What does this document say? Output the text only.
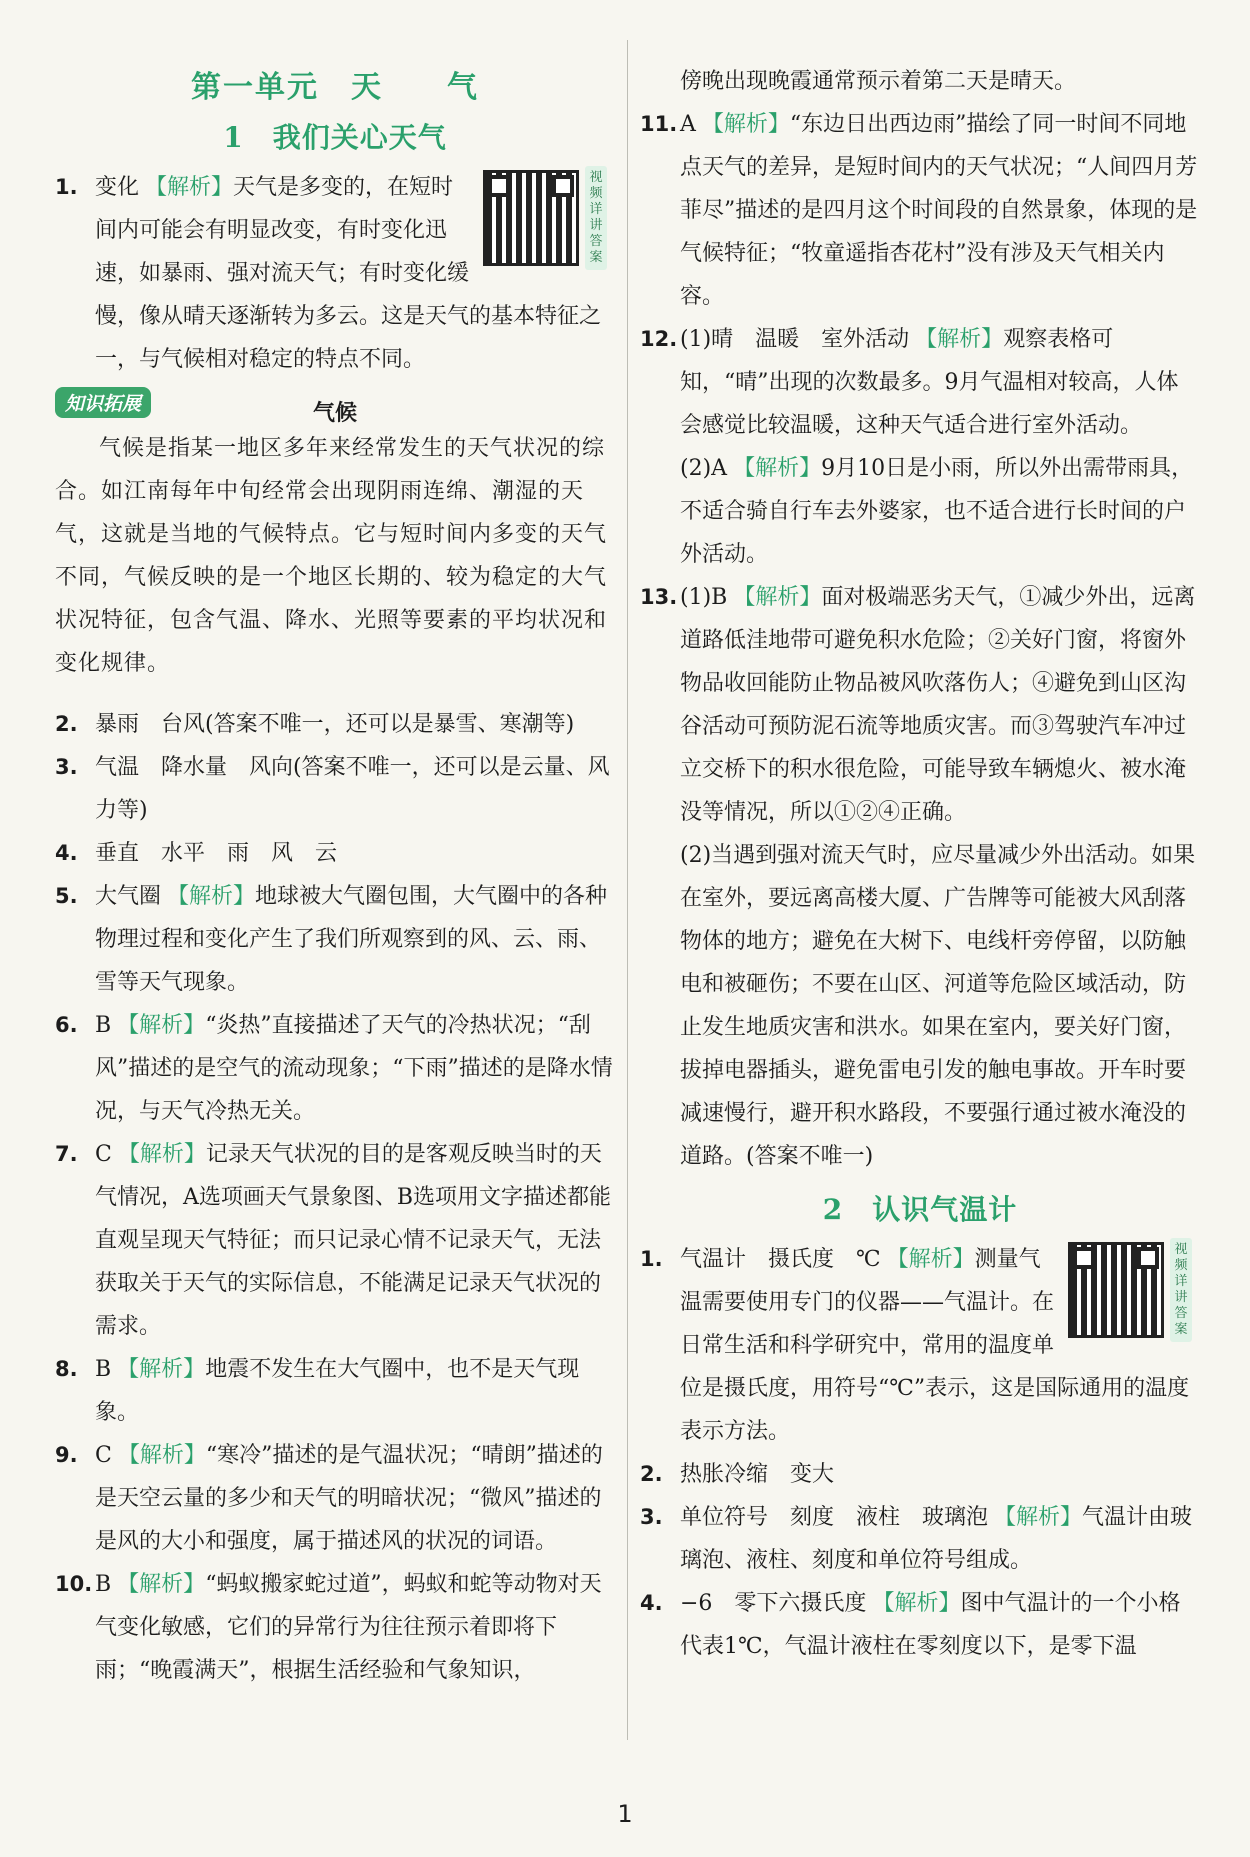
第一单元　天　　气
1　我们关心天气
1.	视频详讲答案
变化 【解析】天气是多变的，在短时间内可能会有明显改变，有时变化迅速，如暴雨、强对流天气；有时变化缓慢，像从晴天逐渐转为多云。这是天气的基本特征之一，与气候相对稳定的特点不同。
知识拓展	气候
气候是指某一地区多年来经常发生的天气状况的综合。如江南每年中旬经常会出现阴雨连绵、潮湿的天气，这就是当地的气候特点。它与短时间内多变的天气不同，气候反映的是一个地区长期的、较为稳定的大气状况特征，包含气温、降水、光照等要素的平均状况和变化规律。
2. 暴雨　台风(答案不唯一，还可以是暴雪、寒潮等)
3. 气温　降水量　风向(答案不唯一，还可以是云量、风力等)
4. 垂直　水平　雨　风　云
5. 大气圈 【解析】地球被大气圈包围，大气圈中的各种物理过程和变化产生了我们所观察到的风、云、雨、雪等天气现象。
6. B 【解析】“炎热”直接描述了天气的冷热状况；“刮风”描述的是空气的流动现象；“下雨”描述的是降水情况，与天气冷热无关。
7. C 【解析】记录天气状况的目的是客观反映当时的天气情况，A选项画天气景象图、B选项用文字描述都能直观呈现天气特征；而只记录心情不记录天气，无法获取关于天气的实际信息，不能满足记录天气状况的需求。
8. B 【解析】地震不发生在大气圈中，也不是天气现象。
9. C 【解析】“寒冷”描述的是气温状况；“晴朗”描述的是天空云量的多少和天气的明暗状况；“微风”描述的是风的大小和强度，属于描述风的状况的词语。
10. B 【解析】“蚂蚁搬家蛇过道”，蚂蚁和蛇等动物对天气变化敏感，它们的异常行为往往预示着即将下雨；“晚霞满天”，根据生活经验和气象知识，
傍晚出现晚霞通常预示着第二天是晴天。
11. A 【解析】“东边日出西边雨”描绘了同一时间不同地点天气的差异，是短时间内的天气状况；“人间四月芳菲尽”描述的是四月这个时间段的自然景象，体现的是气候特征；“牧童遥指杏花村”没有涉及天气相关内容。
12. (1)晴　温暖　室外活动 【解析】观察表格可知，“晴”出现的次数最多。9月气温相对较高，人体会感觉比较温暖，这种天气适合进行室外活动。
(2)A 【解析】9月10日是小雨，所以外出需带雨具，不适合骑自行车去外婆家，也不适合进行长时间的户外活动。
13. (1)B 【解析】面对极端恶劣天气，①减少外出，远离道路低洼地带可避免积水危险；②关好门窗，将窗外物品收回能防止物品被风吹落伤人；④避免到山区沟谷活动可预防泥石流等地质灾害。而③驾驶汽车冲过立交桥下的积水很危险，可能导致车辆熄火、被水淹没等情况，所以①②④正确。
(2)当遇到强对流天气时，应尽量减少外出活动。如果在室外，要远离高楼大厦、广告牌等可能被大风刮落物体的地方；避免在大树下、电线杆旁停留，以防触电和被砸伤；不要在山区、河道等危险区域活动，防止发生地质灾害和洪水。如果在室内，要关好门窗，拔掉电器插头，避免雷电引发的触电事故。开车时要减速慢行，避开积水路段，不要强行通过被水淹没的道路。(答案不唯一)
2　认识气温计
1.	视频详讲答案
气温计　摄氏度　℃ 【解析】测量气温需要使用专门的仪器——气温计。在日常生活和科学研究中，常用的温度单位是摄氏度，用符号“℃”表示，这是国际通用的温度表示方法。
2. 热胀冷缩　变大
3. 单位符号　刻度　液柱　玻璃泡 【解析】气温计由玻璃泡、液柱、刻度和单位符号组成。
4. −6　零下六摄氏度 【解析】图中气温计的一个小格代表1℃，气温计液柱在零刻度以下，是零下温
1
